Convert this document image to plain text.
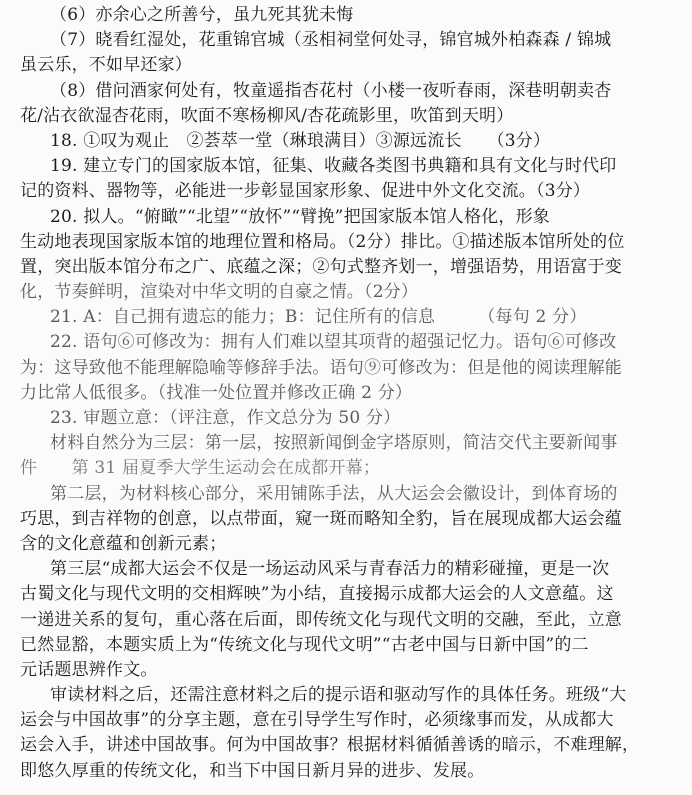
（6）亦余心之所善兮，虽九死其犹未悔
（7）晓看红湿处，花重锦官城（丞相祠堂何处寻，锦官城外柏森森 / 锦城
虽云乐，不如早还家）
（8）借问酒家何处有，牧童遥指杏花村（小楼一夜听春雨，深巷明朝卖杏
花/沾衣欲湿杏花雨，吹面不寒杨柳风/杏花疏影里，吹笛到天明）
18. ①叹为观止　②荟萃一堂（琳琅满目）③源远流长　　（3分）
19. 建立专门的国家版本馆，征集、收藏各类图书典籍和具有文化与时代印
记的资料、器物等，必能进一步彰显国家形象、促进中外文化交流。（3分）
20. 拟人。“俯瞰”“北望”“放怀”“臂挽”把国家版本馆人格化，形象
生动地表现国家版本馆的地理位置和格局。（2分）排比。①描述版本馆所处的位
置，突出版本馆分布之广、底蕴之深；②句式整齐划一，增强语势，用语富于变
化，节奏鲜明，渲染对中华文明的自豪之情。（2分）
21. A：自己拥有遗忘的能力；B：记住所有的信息　　　（每句 2 分）
22. 语句⑥可修改为：拥有人们难以望其项背的超强记忆力。语句⑥可修改
为：这导致他不能理解隐喻等修辞手法。语句⑨可修改为：但是他的阅读理解能
力比常人低很多。（找准一处位置并修改正确 2 分）
23. 审题立意：（评注意，作文总分为 50 分）
材料自然分为三层：第一层，按照新闻倒金字塔原则，简洁交代主要新闻事
件　　第 31 届夏季大学生运动会在成都开幕；
第二层，为材料核心部分，采用铺陈手法，从大运会会徽设计，到体育场的
巧思，到吉祥物的创意，以点带面，窥一斑而略知全豹，旨在展现成都大运会蕴
含的文化意蕴和创新元素；
第三层“成都大运会不仅是一场运动风采与青春活力的精彩碰撞，更是一次
古蜀文化与现代文明的交相辉映”为小结，直接揭示成都大运会的人文意蕴。这
一递进关系的复句，重心落在后面，即传统文化与现代文明的交融，至此，立意
已然显豁，本题实质上为“传统文化与现代文明”“古老中国与日新中国”的二
元话题思辨作文。
审读材料之后，还需注意材料之后的提示语和驱动写作的具体任务。班级“大
运会与中国故事”的分享主题，意在引导学生写作时，必须缘事而发，从成都大
运会入手，讲述中国故事。何为中国故事？根据材料循循善诱的暗示，不难理解，
即悠久厚重的传统文化，和当下中国日新月异的进步、发展。
